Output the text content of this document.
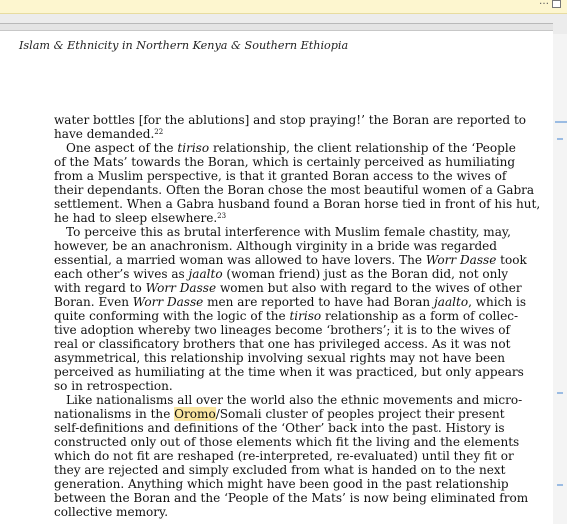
…
Islam & Ethnicity in Northern Kenya & Southern Ethiopia
water bottles [for the ablutions] and stop praying!’ the Boran are reported to
have demanded.$^{22}$
 One aspect of the tiriso relationship, the client relationship of the ‘People
of the Mats’ towards the Boran, which is certainly perceived as humiliating
from a Muslim perspective, is that it granted Boran access to the wives of
their dependants. Often the Boran chose the most beautiful women of a Gabra
settlement. When a Gabra husband found a Boran horse tied in front of his hut,
he had to sleep elsewhere.$^{23}$
 To perceive this as brutal interference with Muslim female chastity, may,
however, be an anachronism. Although virginity in a bride was regarded
essential, a married woman was allowed to have lovers. The Worr Dasse took
each other’s wives as jaalto (woman friend) just as the Boran did, not only
with regard to Worr Dasse women but also with regard to the wives of other
Boran. Even Worr Dasse men are reported to have had Boran jaalto, which is
quite conforming with the logic of the tiriso relationship as a form of collec-
tive adoption whereby two lineages become ‘brothers’; it is to the wives of
real or classificatory brothers that one has privileged access. As it was not
asymmetrical, this relationship involving sexual rights may not have been
perceived as humiliating at the time when it was practiced, but only appears
so in retrospection.
 Like nationalisms all over the world also the ethnic movements and micro-
nationalisms in the Oromo/Somali cluster of peoples project their present
self-definitions and definitions of the ‘Other’ back into the past. History is
constructed only out of those elements which fit the living and the elements
which do not fit are reshaped (re-interpreted, re-evaluated) until they fit or
they are rejected and simply excluded from what is handed on to the next
generation. Anything which might have been good in the past relationship
between the Boran and the ‘People of the Mats’ is now being eliminated from
collective memory.
